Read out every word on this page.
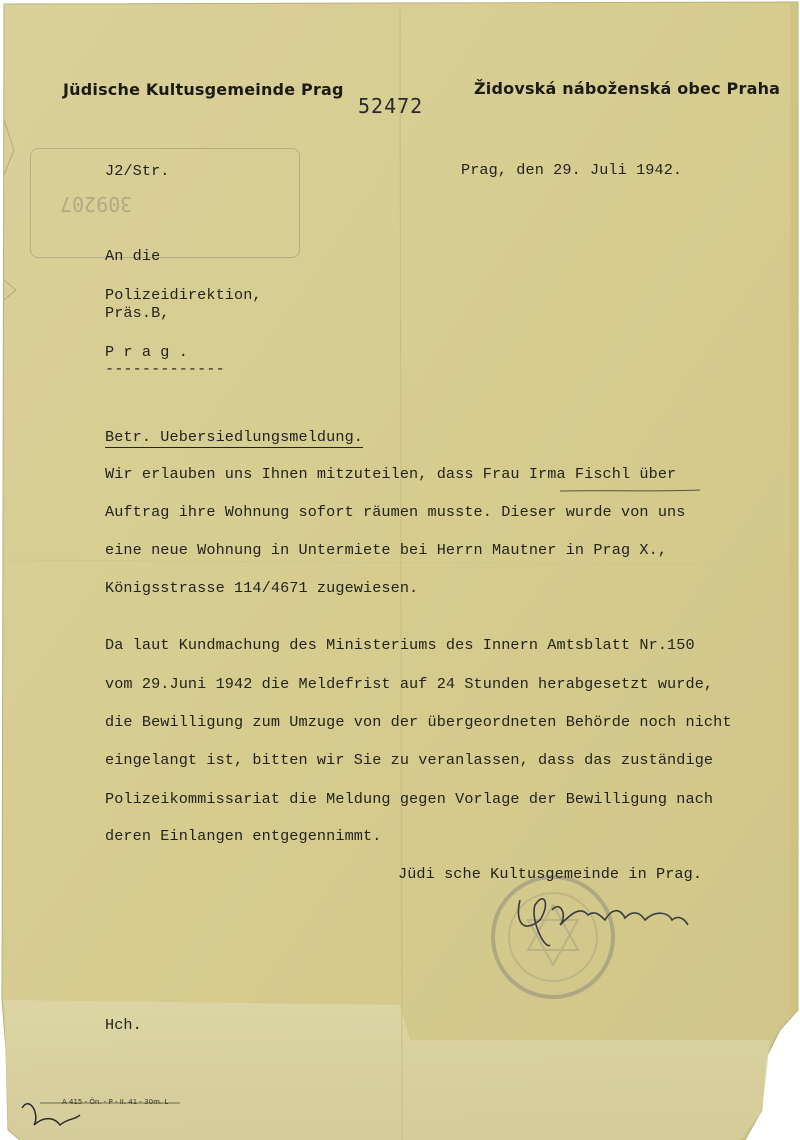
309207
Jüdische Kultusgemeinde Prag	Židovská náboženská obec Praha
52472
J2/Str.	Prag, den 29. Juli 1942.
An die
Polizeidirektion,
Präs.B,
P r a g .
-------------
Betr. Uebersiedlungsmeldung.
Wir erlauben uns Ihnen mitzuteilen, dass Frau Irma Fischl über
Auftrag ihre Wohnung sofort räumen musste. Dieser wurde von uns
eine neue Wohnung in Untermiete bei Herrn Mautner in Prag X.,
Königsstrasse 114/4671 zugewiesen.
Da laut Kundmachung des Ministeriums des Innern Amtsblatt Nr.150
vom 29.Juni 1942 die Meldefrist auf 24 Stunden herabgesetzt wurde,
die Bewilligung zum Umzuge von der übergeordneten Behörde noch nicht
eingelangt ist, bitten wir Sie zu veranlassen, dass das zuständige
Polizeikommissariat die Meldung gegen Vorlage der Bewilligung nach
deren Einlangen entgegennimmt.
Jüdi sche Kultusgemeinde in Prag.
Hch.
A 415 - Ön. - P - II. 41 - 30m. L
